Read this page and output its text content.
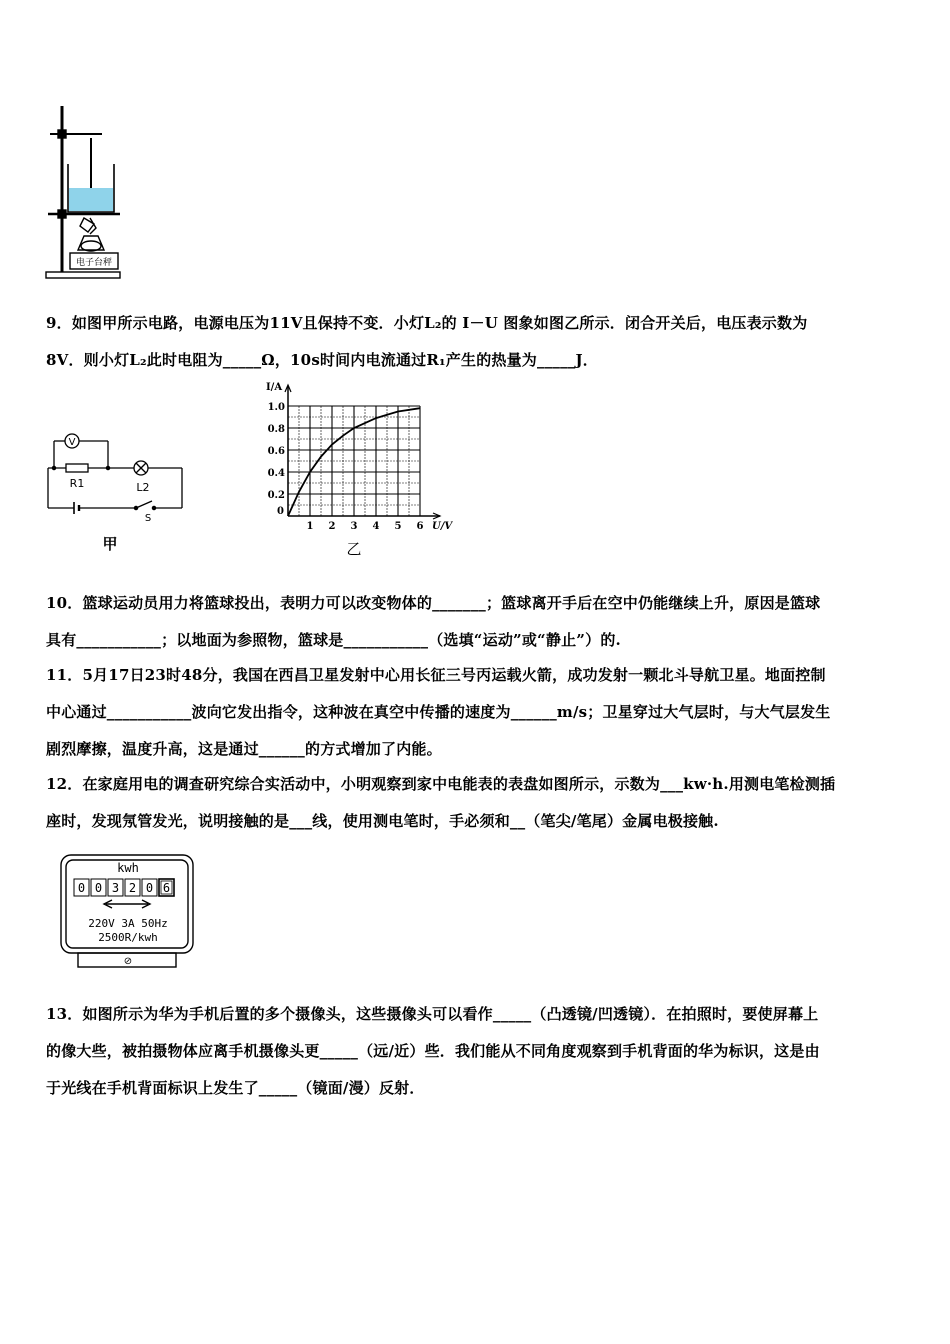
电子台秤
9．如图甲所示电路，电源电压为11V且保持不变．小灯L₂的 I－U 图象如图乙所示．闭合开关后，电压表示数为
8V．则小灯L₂此时电阻为_____Ω，10s时间内电流通过R₁产生的热量为_____J．
V
R1	L2
S
甲
I/A
U/V
0
1 2 3 4 5 6
1.0
0.8
0.6
0.4
0.2
乙
10．篮球运动员用力将篮球投出，表明力可以改变物体的_______；篮球离开手后在空中仍能继续上升，原因是篮球
具有___________；以地面为参照物，篮球是___________（选填“运动”或“静止”）的.
11．5月17日23时48分，我国在西昌卫星发射中心用长征三号丙运载火箭，成功发射一颗北斗导航卫星。地面控制
中心通过___________波向它发出指令，这种波在真空中传播的速度为______m/s；卫星穿过大气层时，与大气层发生
剧烈摩擦，温度升高，这是通过______的方式增加了内能。
12．在家庭用电的调查研究综合实活动中，小明观察到家中电能表的表盘如图所示，示数为___kw·h.用测电笔检测插
座时，发现氖管发光，说明接触的是___线，使用测电笔时，手必须和__（笔尖/笔尾）金属电极接触.
kwh
0 0 3 2 0 6
220V 3A 50Hz
2500R/kwh
⊘
13．如图所示为华为手机后置的多个摄像头，这些摄像头可以看作_____（凸透镜/凹透镜）．在拍照时，要使屏幕上
的像大些，被拍摄物体应离手机摄像头更_____（远/近）些．我们能从不同角度观察到手机背面的华为标识，这是由
于光线在手机背面标识上发生了_____（镜面/漫）反射．
